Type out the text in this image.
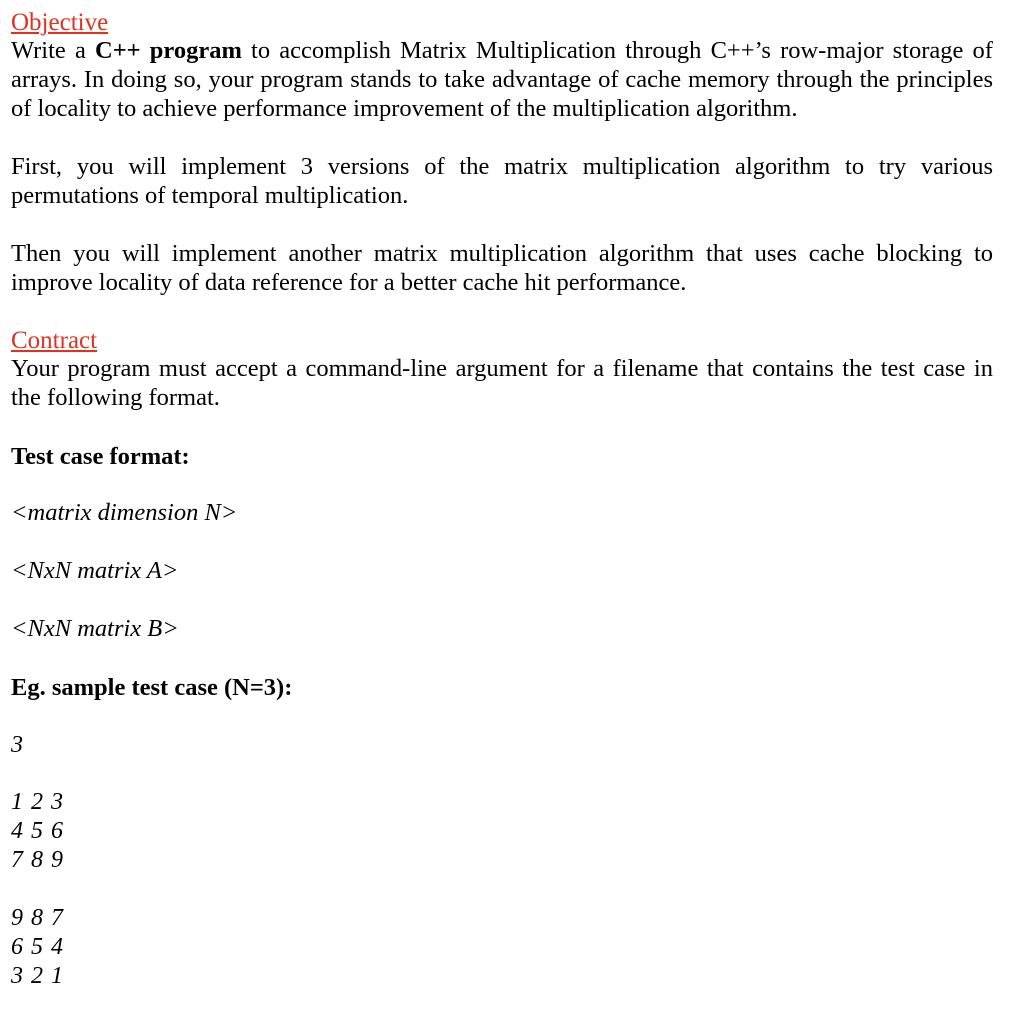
Objective
Write a C++ program to accomplish Matrix Multiplication through C++’s row-major storage of arrays. In doing so, your program stands to take advantage of cache memory through the principles of locality to achieve performance improvement of the multiplication algorithm.
First, you will implement 3 versions of the matrix multiplication algorithm to try various permutations of temporal multiplication.
Then you will implement another matrix multiplication algorithm that uses cache blocking to improve locality of data reference for a better cache hit performance.
Contract
Your program must accept a command-line argument for a filename that contains the test case in the following format.
Test case format:
<matrix dimension N>
<NxN matrix A>
<NxN matrix B>
Eg. sample test case (N=3):
3
1 2 3
4 5 6
7 8 9
9 8 7
6 5 4
3 2 1
